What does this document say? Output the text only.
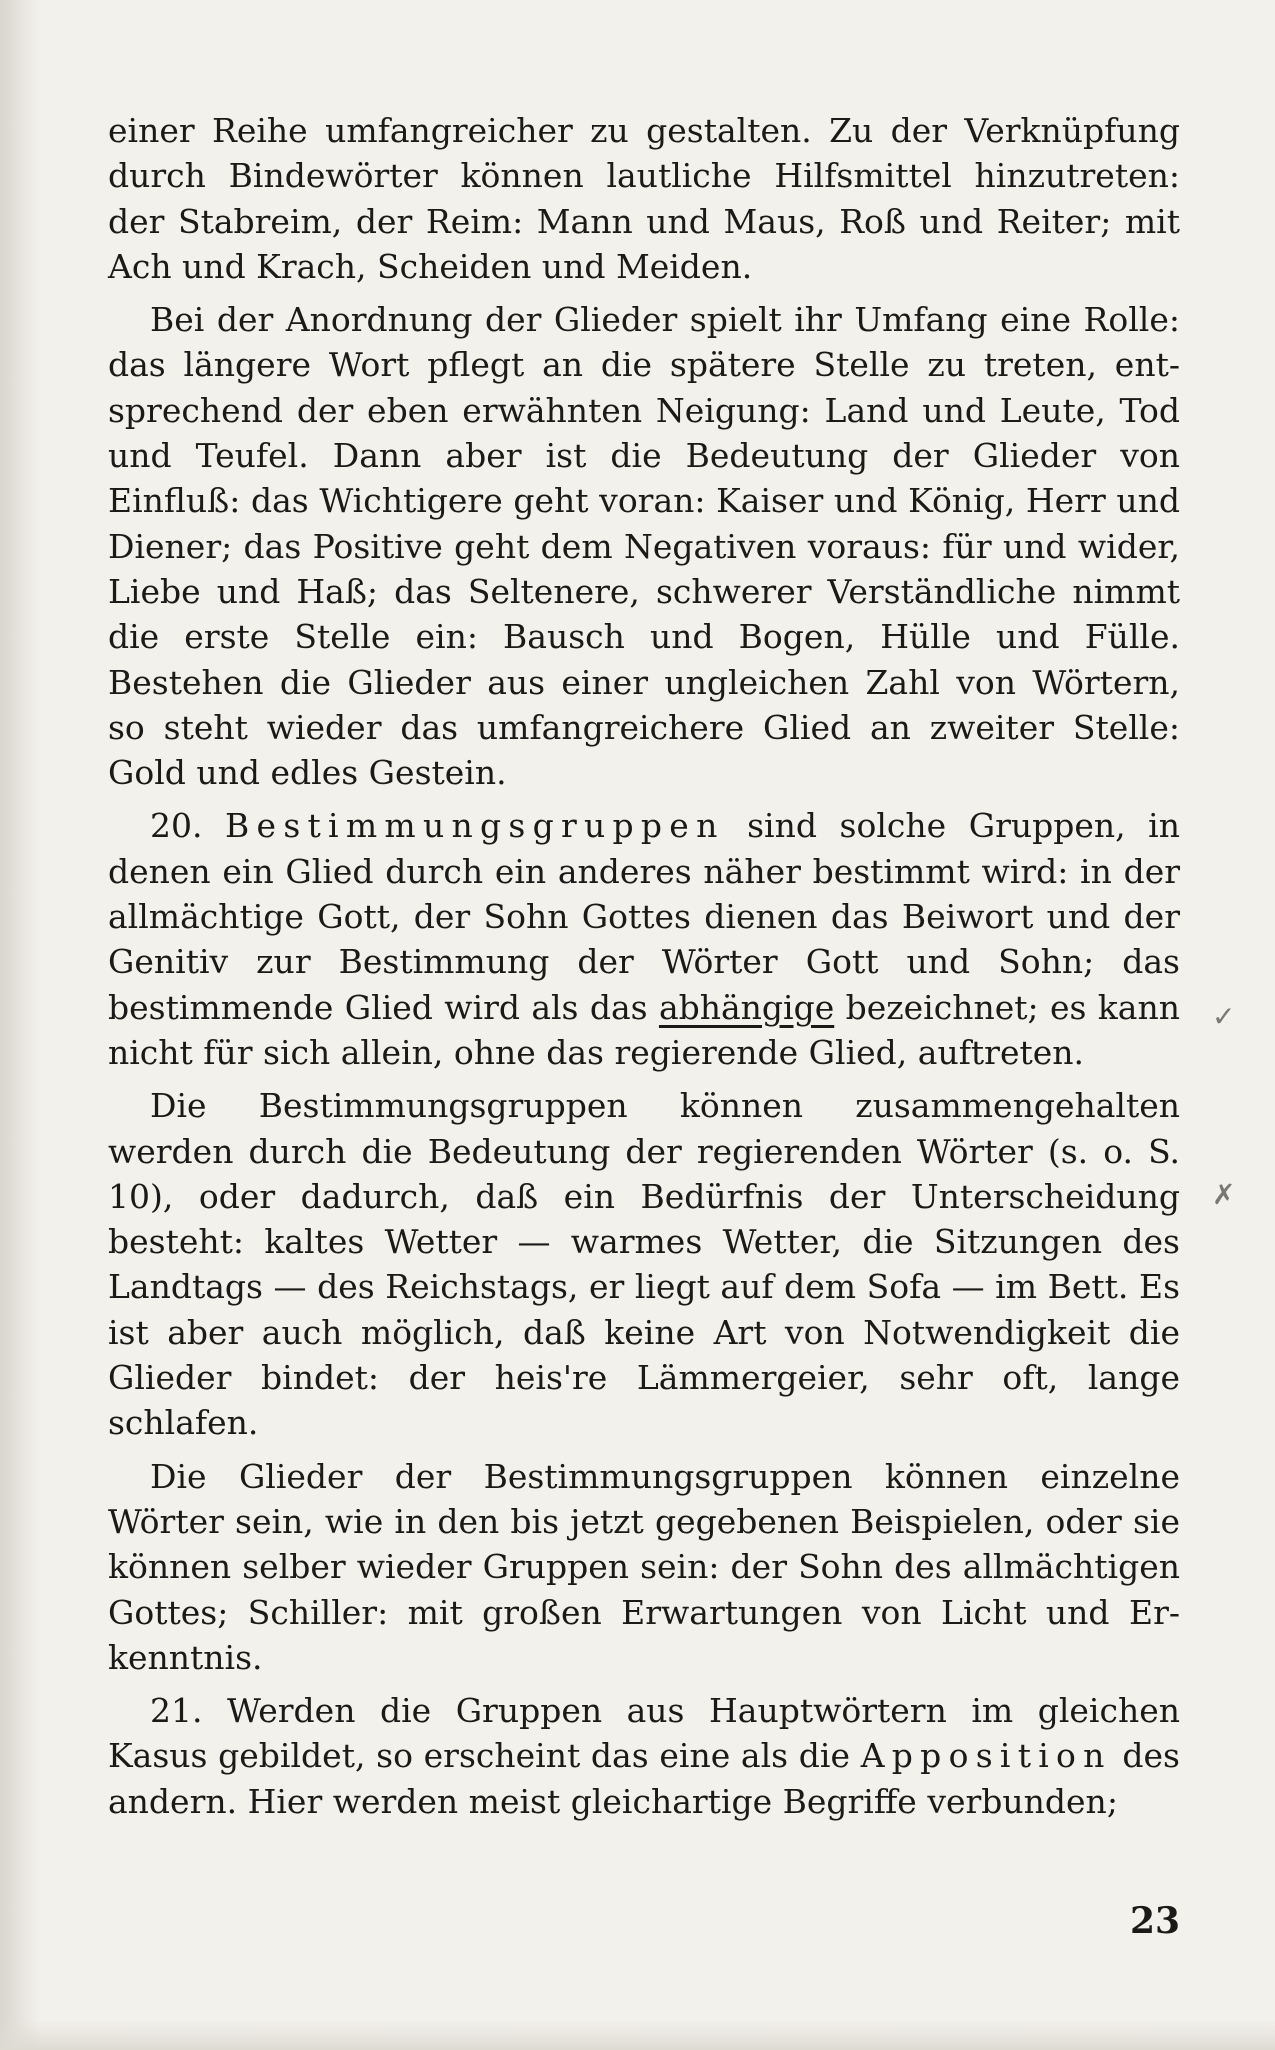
einer Reihe umfangreicher zu gestalten. Zu der Verknüpfung durch Bindewörter können lautliche Hilfsmittel hinzutreten: der Stabreim, der Reim: Mann und Maus, Roß und Reiter; mit Ach und Krach, Scheiden und Meiden.

Bei der Anordnung der Glieder spielt ihr Umfang eine Rolle: das längere Wort pflegt an die spätere Stelle zu treten, entsprechend der eben erwähnten Neigung: Land und Leute, Tod und Teufel. Dann aber ist die Bedeutung der Glieder von Einfluß: das Wichtigere geht voran: Kaiser und König, Herr und Diener; das Positive geht dem Negativen voraus: für und wider, Liebe und Haß; das Seltenere, schwerer Verständliche nimmt die erste Stelle ein: Bausch und Bogen, Hülle und Fülle. Bestehen die Glieder aus einer ungleichen Zahl von Wörtern, so steht wieder das umfangreichere Glied an zweiter Stelle: Gold und edles Gestein.

20. Bestimmungsgruppen sind solche Gruppen, in denen ein Glied durch ein anderes näher bestimmt wird: in der allmächtige Gott, der Sohn Gottes dienen das Beiwort und der Genitiv zur Bestimmung der Wörter Gott und Sohn; das bestimmende Glied wird als das abhängige bezeichnet; es kann nicht für sich allein, ohne das regierende Glied, auftreten.

Die Bestimmungsgruppen können zusammengehalten werden durch die Bedeutung der regierenden Wörter (s. o. S. 10), oder dadurch, daß ein Bedürfnis der Unterscheidung besteht: kaltes Wetter — warmes Wetter, die Sitzungen des Landtags — des Reichstags, er liegt auf dem Sofa — im Bett. Es ist aber auch möglich, daß keine Art von Notwendigkeit die Glieder bindet: der heis're Lämmergeier, sehr oft, lange schlafen.

Die Glieder der Bestimmungsgruppen können einzelne Wörter sein, wie in den bis jetzt gegebenen Beispielen, oder sie können selber wieder Gruppen sein: der Sohn des allmächtigen Gottes; Schiller: mit großen Erwartungen von Licht und Erkenntnis.

21. Werden die Gruppen aus Hauptwörtern im gleichen Kasus gebildet, so erscheint das eine als die Apposition des andern. Hier werden meist gleichartige Begriffe verbunden;

✓
✗
23
